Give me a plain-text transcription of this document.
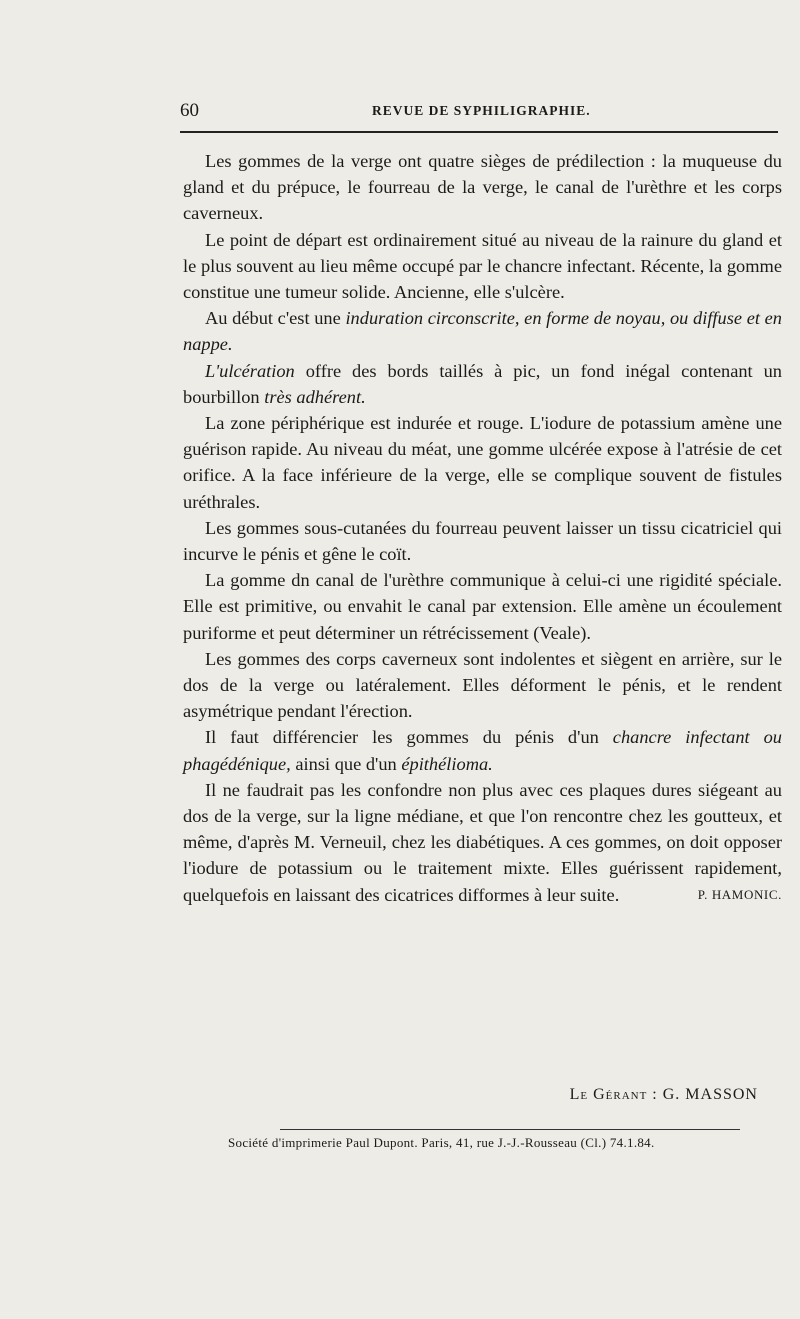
60	REVUE DE SYPHILIGRAPHIE.

Les gommes de la verge ont quatre sièges de prédilection : la muqueuse du gland et du prépuce, le fourreau de la verge, le canal de l'urèthre et les corps caverneux.

Le point de départ est ordinairement situé au niveau de la rainure du gland et le plus souvent au lieu même occupé par le chancre infectant. Récente, la gomme constitue une tumeur solide. Ancienne, elle s'ulcère.

Au début c'est une induration circonscrite, en forme de noyau, ou diffuse et en nappe.

L'ulcération offre des bords taillés à pic, un fond inégal contenant un bourbillon très adhérent.

La zone périphérique est indurée et rouge. L'iodure de potassium amène une guérison rapide. Au niveau du méat, une gomme ulcérée expose à l'atrésie de cet orifice. A la face inférieure de la verge, elle se complique souvent de fistules uréthrales.

Les gommes sous-cutanées du fourreau peuvent laisser un tissu cicatriciel qui incurve le pénis et gêne le coït.

La gomme dn canal de l'urèthre communique à celui-ci une rigidité spéciale. Elle est primitive, ou envahit le canal par extension. Elle amène un écoulement puriforme et peut déterminer un rétrécissement (Veale).

Les gommes des corps caverneux sont indolentes et siègent en arrière, sur le dos de la verge ou latéralement. Elles déforment le pénis, et le rendent asymétrique pendant l'érection.

Il faut différencier les gommes du pénis d'un chancre infectant ou phagédénique, ainsi que d'un épithélioma.

Il ne faudrait pas les confondre non plus avec ces plaques dures siégeant au dos de la verge, sur la ligne médiane, et que l'on rencontre chez les goutteux, et même, d'après M. Verneuil, chez les diabétiques. A ces gommes, on doit opposer l'iodure de potassium ou le traitement mixte. Elles guérissent rapidement, quelquefois en laissant des cicatrices difformes à leur suite.	P. HAMONIC.
Le Gérant : G. MASSON
Société d'imprimerie Paul Dupont. Paris, 41, rue J.-J.-Rousseau (Cl.) 74.1.84.
